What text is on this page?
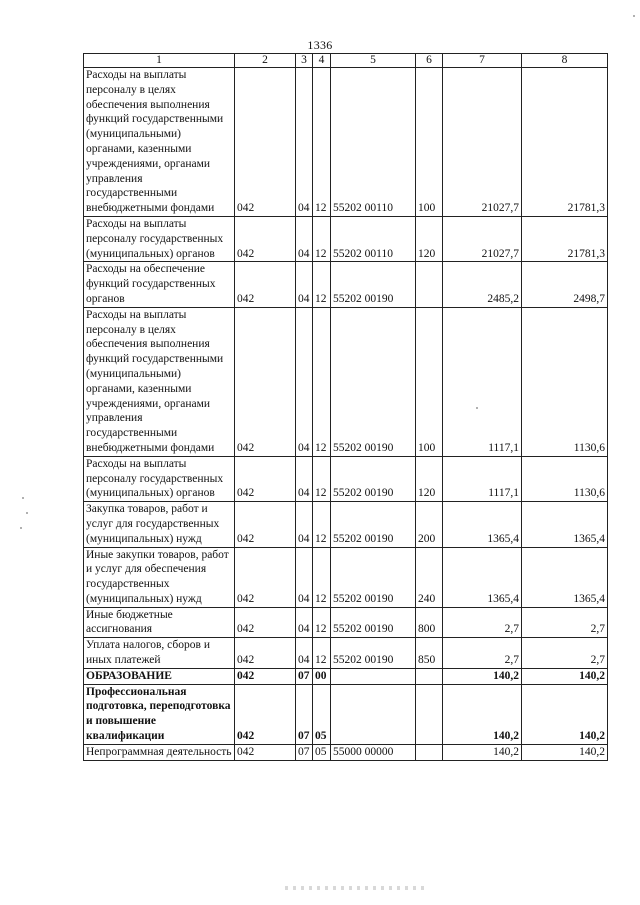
1336
1	2	3	4	5	6	7	8
Расходы на выплаты персоналу в целях обеспечения выполнения функций государственными (муниципальными) органами, казенными учреждениями, органами управления государственными внебюджетными фондами	042	04	12	55202 00110	100	21027,7	21781,3
Расходы на выплаты персоналу государственных (муниципальных) органов	042	04	12	55202 00110	120	21027,7	21781,3
Расходы на обеспечение функций государственных органов	042	04	12	55202 00190		2485,2	2498,7
Расходы на выплаты персоналу в целях обеспечения выполнения функций государственными (муниципальными) органами, казенными учреждениями, органами управления государственными внебюджетными фондами	042	04	12	55202 00190	100	1117,1	1130,6
Расходы на выплаты персоналу государственных (муниципальных) органов	042	04	12	55202 00190	120	1117,1	1130,6
Закупка товаров, работ и услуг для государственных (муниципальных) нужд	042	04	12	55202 00190	200	1365,4	1365,4
Иные закупки товаров, работ и услуг для обеспечения государственных (муниципальных) нужд	042	04	12	55202 00190	240	1365,4	1365,4
Иные бюджетные ассигнования	042	04	12	55202 00190	800	2,7	2,7
Уплата налогов, сборов и иных платежей	042	04	12	55202 00190	850	2,7	2,7
ОБРАЗОВАНИЕ	042	07	00			140,2	140,2
Профессиональная подготовка, переподготовка и повышение квалификации	042	07	05			140,2	140,2
Непрограммная деятельность	042	07	05	55000 00000		140,2	140,2
